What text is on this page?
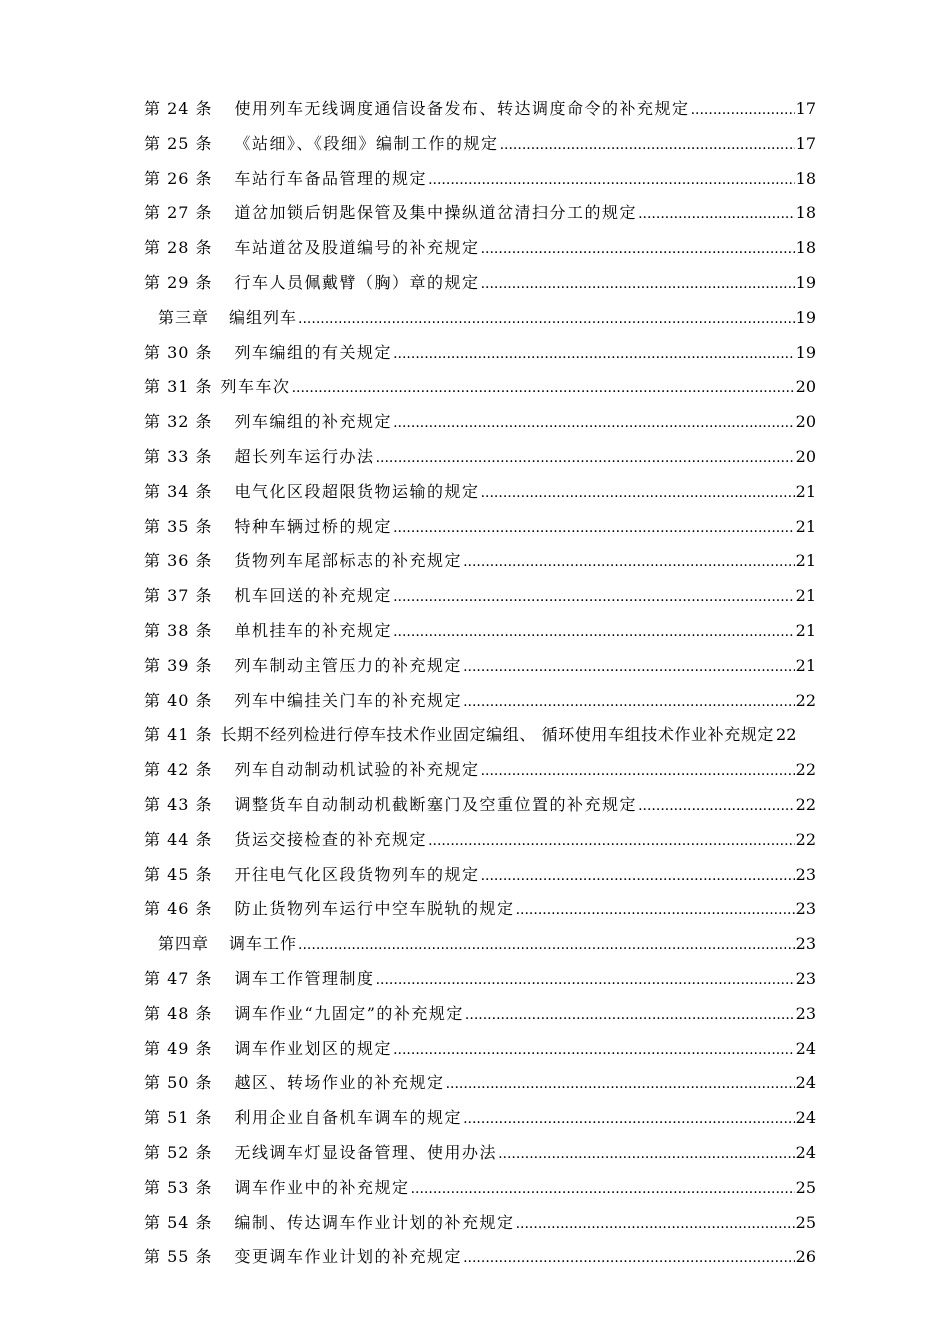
第 24 条 使用列车无线调度通信设备发布、转达调度命令的补充规定 .....	17
第 25 条 《站细》、《段细》编制工作的规定 .....	17
第 26 条 车站行车备品管理的规定 .....	18
第 27 条 道岔加锁后钥匙保管及集中操纵道岔清扫分工的规定 .....	18
第 28 条 车站道岔及股道编号的补充规定 .....	18
第 29 条 行车人员佩戴臂（胸）章的规定 .....	19
第三章 编组列车 .....	19
第 30 条 列车编组的有关规定 .....	19
第 31 条 列车车次 .....	20
第 32 条 列车编组的补充规定 .....	20
第 33 条 超长列车运行办法 .....	20
第 34 条 电气化区段超限货物运输的规定 .....	21
第 35 条 特种车辆过桥的规定 .....	21
第 36 条 货物列车尾部标志的补充规定 .....	21
第 37 条 机车回送的补充规定 .....	21
第 38 条 单机挂车的补充规定 .....	21
第 39 条 列车制动主管压力的补充规定 .....	21
第 40 条 列车中编挂关门车的补充规定 .....	22
第 41 条 长期不经列检进行停车技术作业固定编组、 循环使用车组技术作业补充规定 22
第 42 条 列车自动制动机试验的补充规定 .....	22
第 43 条 调整货车自动制动机截断塞门及空重位置的补充规定 .....	22
第 44 条 货运交接检查的补充规定 .....	22
第 45 条 开往电气化区段货物列车的规定 .....	23
第 46 条 防止货物列车运行中空车脱轨的规定 .....	23
第四章 调车工作 .....	23
第 47 条 调车工作管理制度 .....	23
第 48 条 调车作业“九固定”的补充规定 .....	23
第 49 条 调车作业划区的规定 .....	24
第 50 条 越区、转场作业的补充规定 .....	24
第 51 条 利用企业自备机车调车的规定 .....	24
第 52 条 无线调车灯显设备管理、使用办法 .....	24
第 53 条 调车作业中的补充规定 .....	25
第 54 条 编制、传达调车作业计划的补充规定 .....	25
第 55 条 变更调车作业计划的补充规定 .....	26
